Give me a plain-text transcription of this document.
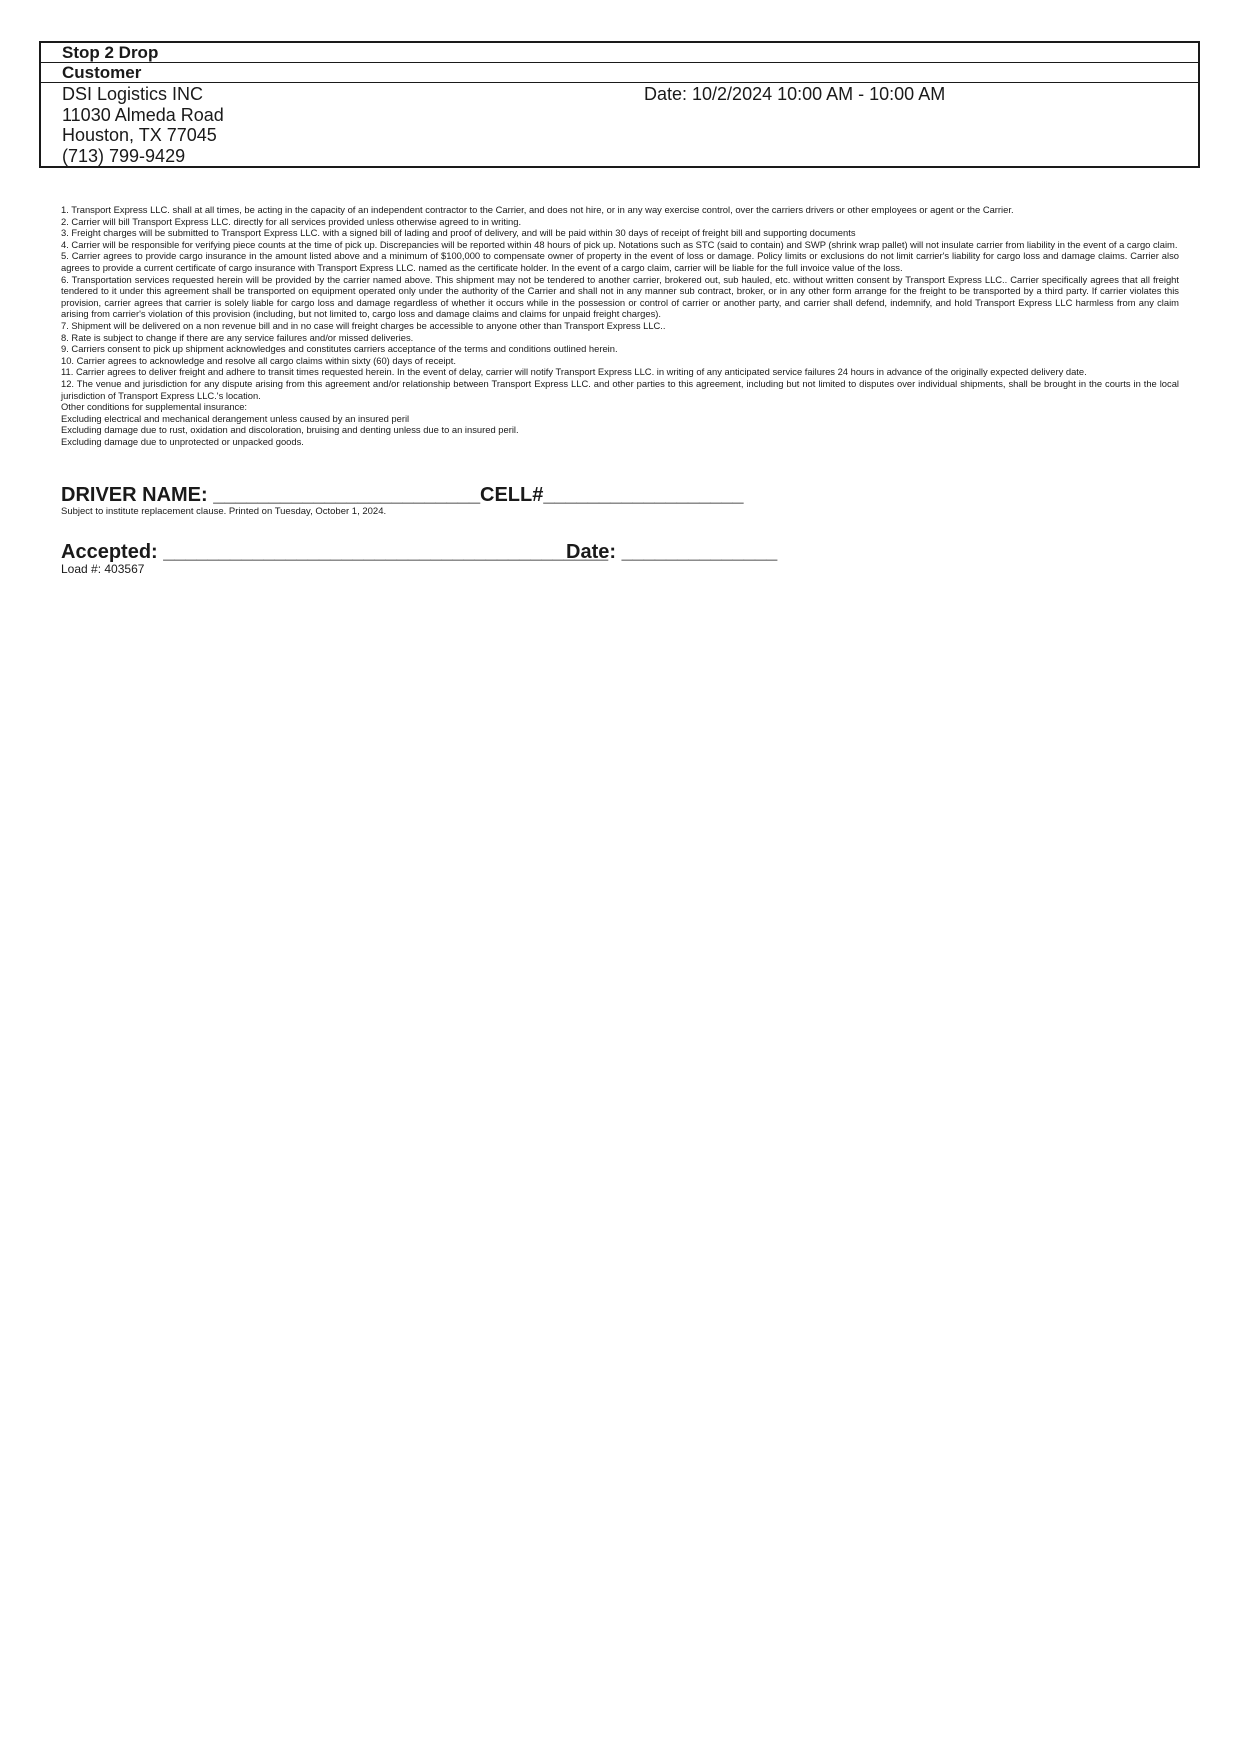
Stop 2 Drop
Customer
DSI Logistics INC
11030 Almeda Road
Houston, TX 77045
(713) 799-9429
Date: 10/2/2024 10:00 AM - 10:00 AM

1. Transport Express LLC. shall at all times, be acting in the capacity of an independent contractor to the Carrier, and does not hire, or in any way exercise control, over the carriers drivers or other employees or agent or the Carrier.

2. Carrier will bill Transport Express LLC. directly for all services provided unless otherwise agreed to in writing.

3. Freight charges will be submitted to Transport Express LLC. with a signed bill of lading and proof of delivery, and will be paid within 30 days of receipt of freight bill and supporting documents

4. Carrier will be responsible for verifying piece counts at the time of pick up. Discrepancies will be reported within 48 hours of pick up. Notations such as STC (said to contain) and SWP (shrink wrap pallet) will not insulate carrier from liability in the event of a cargo claim.

5. Carrier agrees to provide cargo insurance in the amount listed above and a minimum of $100,000 to compensate owner of property in the event of loss or damage. Policy limits or exclusions do not limit carrier's liability for cargo loss and damage claims. Carrier also agrees to provide a current certificate of cargo insurance with Transport Express LLC. named as the certificate holder. In the event of a cargo claim, carrier will be liable for the full invoice value of the loss.

6. Transportation services requested herein will be provided by the carrier named above. This shipment may not be tendered to another carrier, brokered out, sub hauled, etc. without written consent by Transport Express LLC.. Carrier specifically agrees that all freight tendered to it under this agreement shall be transported on equipment operated only under the authority of the Carrier and shall not in any manner sub contract, broker, or in any other form arrange for the freight to be transported by a third party. If carrier violates this provision, carrier agrees that carrier is solely liable for cargo loss and damage regardless of whether it occurs while in the possession or control of carrier or another party, and carrier shall defend, indemnify, and hold Transport Express LLC harmless from any claim arising from carrier's violation of this provision (including, but not limited to, cargo loss and damage claims and claims for unpaid freight charges).

7. Shipment will be delivered on a non revenue bill and in no case will freight charges be accessible to anyone other than Transport Express LLC..

8. Rate is subject to change if there are any service failures and/or missed deliveries.

9. Carriers consent to pick up shipment acknowledges and constitutes carriers acceptance of the terms and conditions outlined herein.

10. Carrier agrees to acknowledge and resolve all cargo claims within sixty (60) days of receipt.

11. Carrier agrees to deliver freight and adhere to transit times requested herein. In the event of delay, carrier will notify Transport Express LLC. in writing of any anticipated service failures 24 hours in advance of the originally expected delivery date.

12. The venue and jurisdiction for any dispute arising from this agreement and/or relationship between Transport Express LLC. and other parties to this agreement, including but not limited to disputes over individual shipments, shall be brought in the courts in the local jurisdiction of Transport Express LLC.'s location.

Other conditions for supplemental insurance:

Excluding electrical and mechanical derangement unless caused by an insured peril

Excluding damage due to rust, oxidation and discoloration, bruising and denting unless due to an insured peril.

Excluding damage due to unprotected or unpacked goods.

DRIVER NAME: ________________________ CELL#__________________
Subject to institute replacement clause. Printed on Tuesday, October 1, 2024.
Accepted: ________________________________________
Date: ______________
Load #: 403567
